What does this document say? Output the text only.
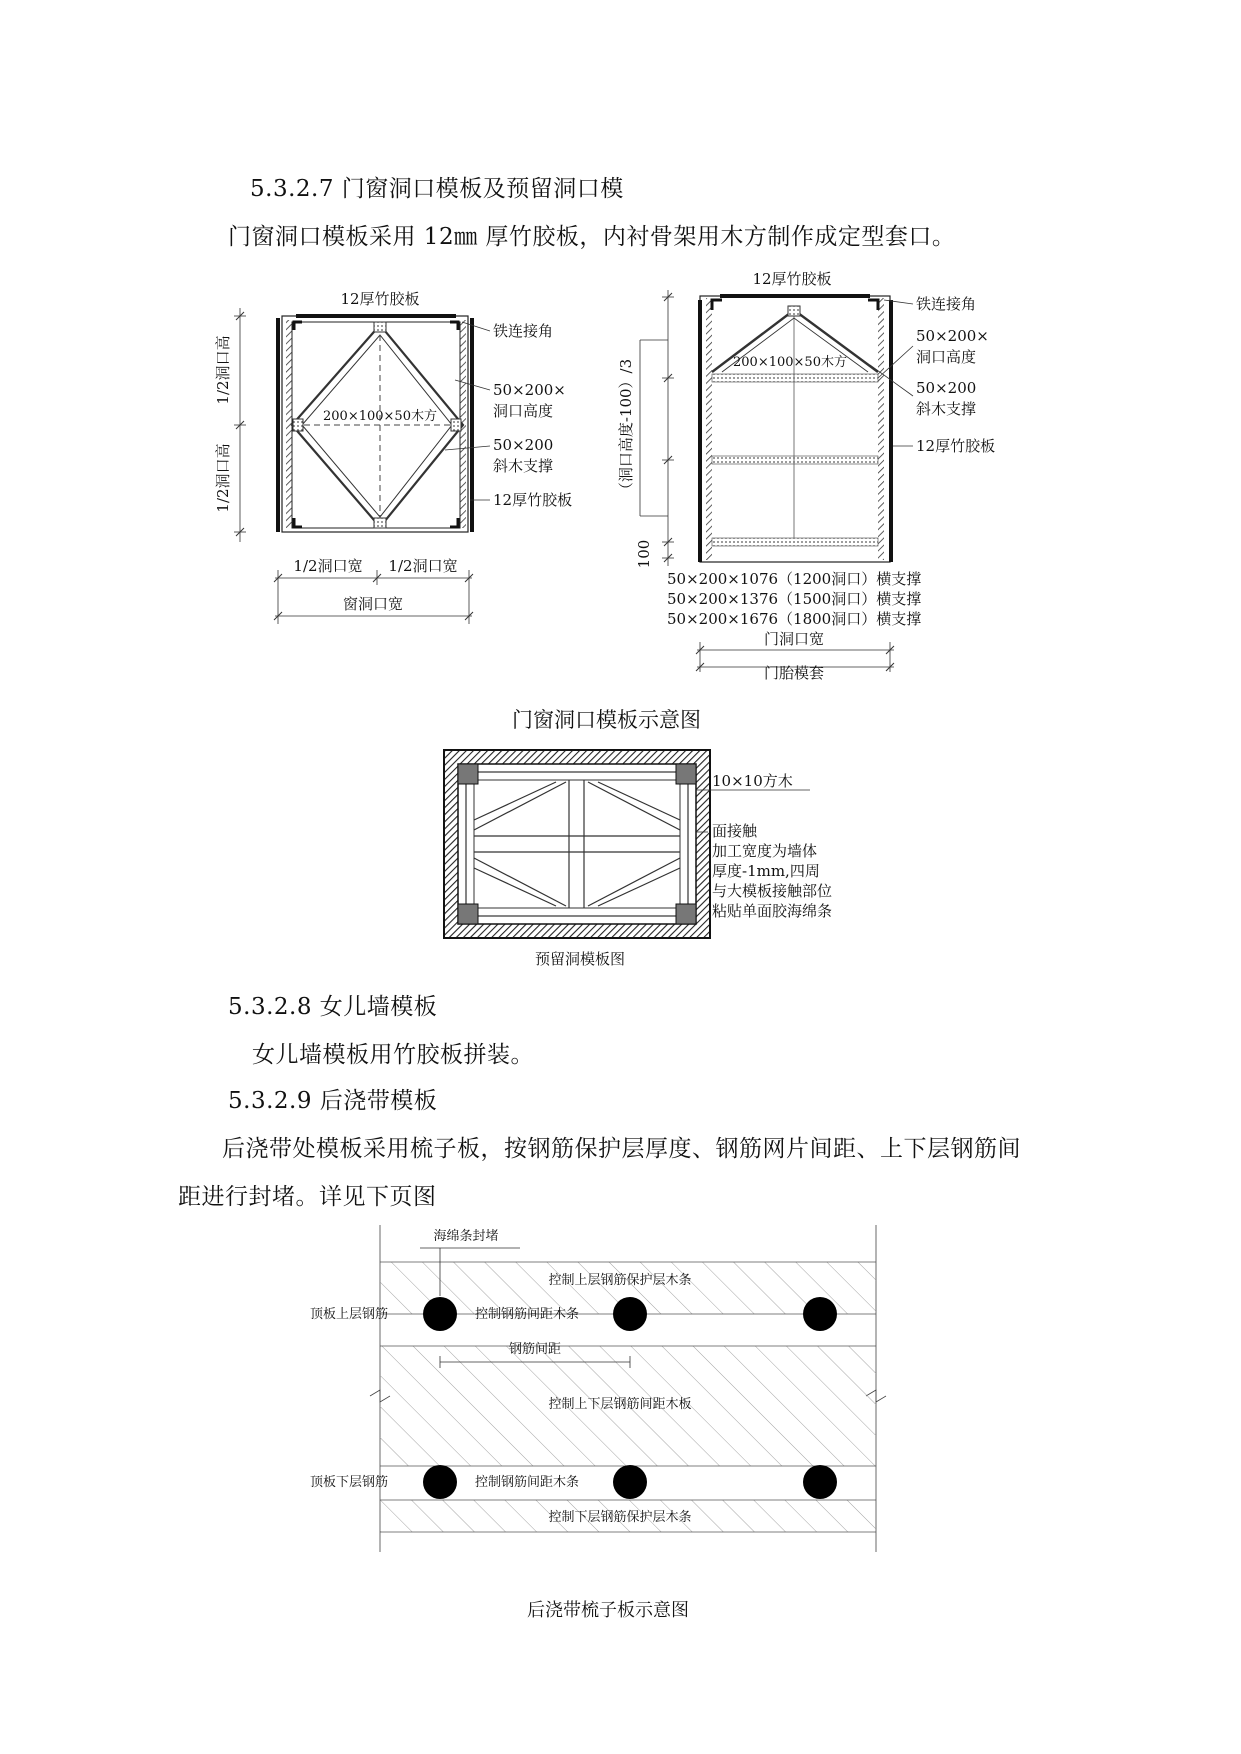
5.3.2.7 门窗洞口模板及预留洞口模
门窗洞口模板采用 12㎜ 厚竹胶板，内衬骨架用木方制作成定型套口。
12厚竹胶板
200×100×50木方
铁连接角
50×200×
洞口高度
50×200
斜木支撑
12厚竹胶板
1/2洞口高
1/2洞口高
1/2洞口宽 1/2洞口宽
窗洞口宽
12厚竹胶板
200×100×50木方
铁连接角
50×200×
洞口高度
50×200
斜木支撑
12厚竹胶板
（洞口高度-100）/3
100
50×200×1076（1200洞口）横支撑
50×200×1376（1500洞口）横支撑
50×200×1676（1800洞口）横支撑
门洞口宽
门胎模套
门窗洞口模板示意图
10×10方木
面接触
加工宽度为墙体
厚度-1mm,四周
与大模板接触部位
粘贴单面胶海绵条
预留洞模板图
5.3.2.8 女儿墙模板
女儿墙模板用竹胶板拼装。
5.3.2.9 后浇带模板
后浇带处模板采用梳子板，按钢筋保护层厚度、钢筋网片间距、上下层钢筋间
距进行封堵。详见下页图
海绵条封堵
钢筋间距
控制上层钢筋保护层木条
顶板上层钢筋	控制钢筋间距木条
控制上下层钢筋间距木板
顶板下层钢筋	控制钢筋间距木条
控制下层钢筋保护层木条
后浇带梳子板示意图
